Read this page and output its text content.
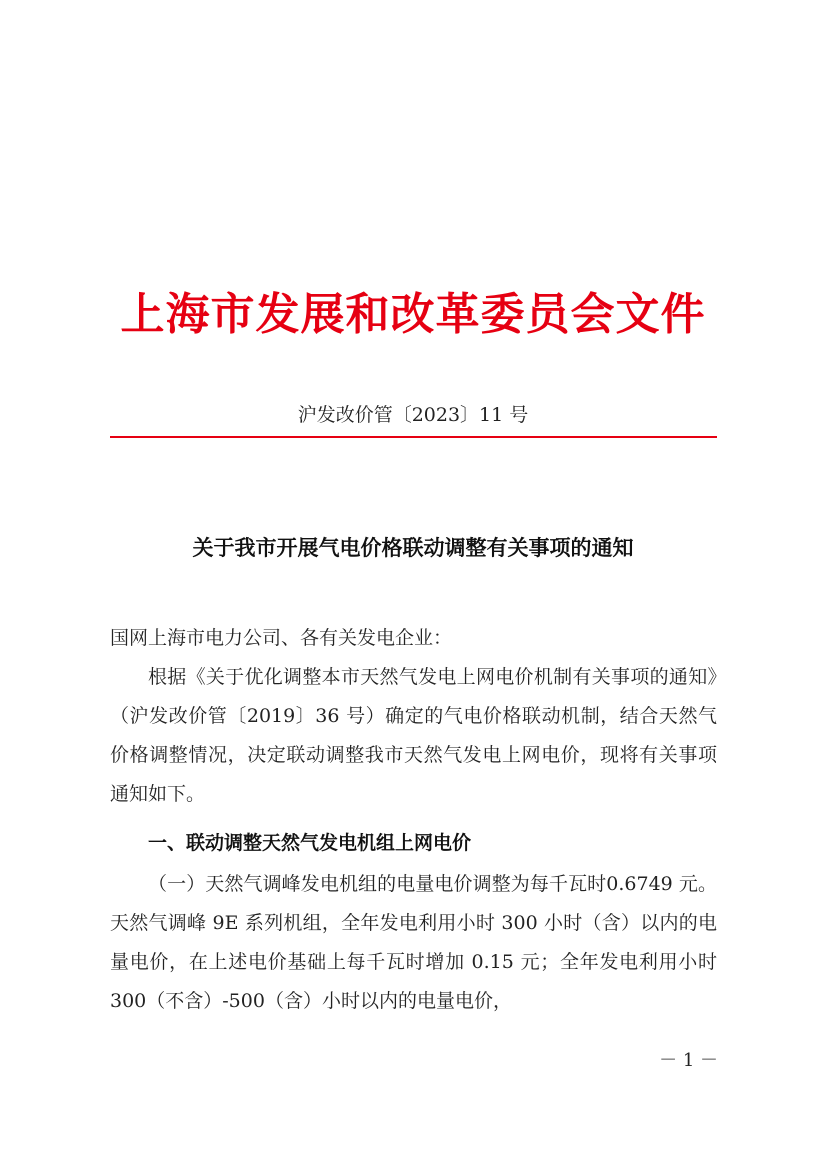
上海市发展和改革委员会文件
沪发改价管〔2023〕11 号
关于我市开展气电价格联动调整有关事项的通知
国网上海市电力公司、各有关发电企业：
根据《关于优化调整本市天然气发电上网电价机制有关事项的通知》（沪发改价管〔2019〕36 号）确定的气电价格联动机制，结合天然气价格调整情况，决定联动调整我市天然气发电上网电价，现将有关事项通知如下。
一、联动调整天然气发电机组上网电价
（一）天然气调峰发电机组的电量电价调整为每千瓦时0.6749 元。天然气调峰 9E 系列机组，全年发电利用小时 300 小时（含）以内的电量电价，在上述电价基础上每千瓦时增加 0.15 元；全年发电利用小时 300（不含）-500（含）小时以内的电量电价，
－ 1 －
